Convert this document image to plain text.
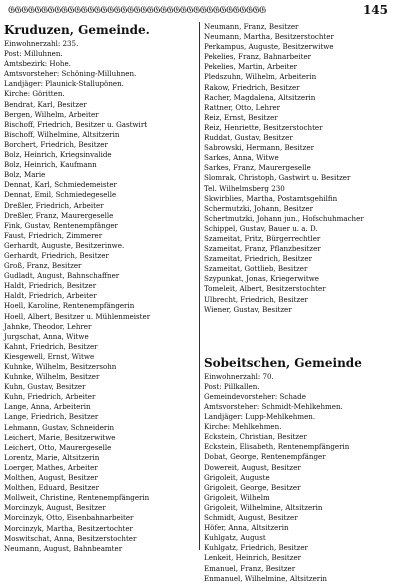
𝔊𝔊𝔊𝔊𝔊𝔊𝔊𝔊𝔊𝔊𝔊𝔊𝔊𝔊𝔊𝔊𝔊𝔊𝔊𝔊𝔊𝔊𝔊𝔊𝔊𝔊𝔊𝔊𝔊𝔊𝔊𝔊𝔊𝔊𝔊𝔊𝔊𝔊𝔊	145
Kruduzen, Gemeinde.
Einwohnerzahl: 235.
Post: Milluhnen.
Amtsbezirk: Hohe.
Amtsvorsteher: Schöning-Milluhnen.
Landjäger: Plaunick-Stallupönen.
Kirche: Göritten.
Bendrat, Karl, Besitzer
Bergen, Wilhelm, Arbeiter
Bischoff, Friedrich, Besitzer u. Gastwirt
Bischoff, Wilhelmine, Altsitzerin
Borchert, Friedrich, Besitzer
Bolz, Heinrich, Kriegsinvalide
Bolz, Heinrich, Kaufmann
Bolz, Marie
Dennat, Karl, Schmiedemeister
Dennat, Emil, Schmiedegeselle
Dreßler, Friedrich, Arbeiter
Dreßler, Franz, Maurergeselle
Fink, Gustav, Rentenempfänger
Faust, Friedrich, Zimmerer
Gerhardt, Auguste, Besitzerinwe.
Gerhardt, Friedrich, Besitzer
Groß, Franz, Besitzer
Gudladt, August, Bahnschaffner
Haldt, Friedrich, Besitzer
Haldt, Friedrich, Arbeiter
Hoell, Karoline, Rentenempfängerin
Hoell, Albert, Besitzer u. Mühlenmeister
Jahnke, Theodor, Lehrer
Jurgschat, Anna, Witwe
Kahnt, Friedrich, Besitzer
Kiesgewell, Ernst, Witwe
Kuhnke, Wilhelm, Besitzersohn
Kuhnke, Wilhelm, Besitzer
Kuhn, Gustav, Besitzer
Kuhn, Friedrich, Arbeiter
Lange, Anna, Arbeiterin
Lange, Friedrich, Besitzer
Lehmann, Gustav, Schneiderin
Leichert, Marie, Besitzerwitwe
Leichert, Otto, Maurergeselle
Lorentz, Marie, Altsitzerin
Loerger, Mathes, Arbeiter
Molthen, August, Besitzer
Molthen, Eduard, Besitzer
Mollweit, Christine, Rentenempfängerin
Morcinzyk, August, Besitzer
Morcinzyk, Otto, Eisenbahnarbeiter
Morcinzyk, Martha, Besitzertochter
Moswitschat, Anna, Besitzerstochter
Neumann, August, Bahnbeamter
Neumann, Franz, Besitzer
Neumann, Martha, Besitzerstochter
Perkampus, Auguste, Besitzerwitwe
Pekelies, Franz, Bahnarbeiter
Pekelies, Martin, Arbeiter
Pledszuhn, Wilhelm, Arbeiterin
Rakow, Friedrich, Besitzer
Racher, Magdalena, Altsitzerin
Rattner, Otto, Lehrer
Reiz, Ernst, Besitzer
Reiz, Henriette, Besitzerstochter
Ruddat, Gustav, Besitzer
Sabrowski, Hermann, Besitzer
Sarkes, Anna, Witwe
Sarkes, Franz, Maurergeselle
Slomrak, Christoph, Gastwirt u. Besitzer
Tel. Wilhelmsberg 230
Skwirblies, Martha, Postamtsgehilfin
Schermutzki, Johann, Besitzer
Schertmutzki, Johann jun., Hofschuhmacher
Schippel, Gustav, Bauer u. a. D.
Szameitat, Fritz, Bürgerrechtler
Szameitat, Franz, Pflanzbesitzer
Szameitat, Friedrich, Besitzer
Szameitat, Gottlieb, Besitzer
Szypunkat, Jonas, Kriegerwitwe
Tomeleit, Albert, Besitzerstochter
Ulbrecht, Friedrich, Besitzer
Wiener, Gustav, Besitzer
Sobeitschen, Gemeinde
Einwohnerzahl: 70.
Post: Pillkallen.
Gemeindevorsteher: Schade
Amtsvorsteher: Schmidt-Mehlkehmen.
Landjäger: Lupp-Mehlkehmen.
Kirche: Mehlkehmen.
Eckstein, Christian, Besitzer
Eckstein, Elisabeth, Rentenempfängerin
Dobat, George, Rentenempfänger
Dowereit, August, Besitzer
Grigoleit, Auguste
Grigoleit, George, Besitzer
Grigoleit, Wilhelm
Grigoleit, Wilhelmine, Altsitzerin
Schmidt, August, Besitzer
Höfer, Anna, Altsitzerin
Kuhlgatz, August
Kuhlgatz, Friedrich, Besitzer
Lenkeit, Heinrich, Besitzer
Emanuel, Franz, Besitzer
Enmanuel, Wilhelmine, Altsitzerin
